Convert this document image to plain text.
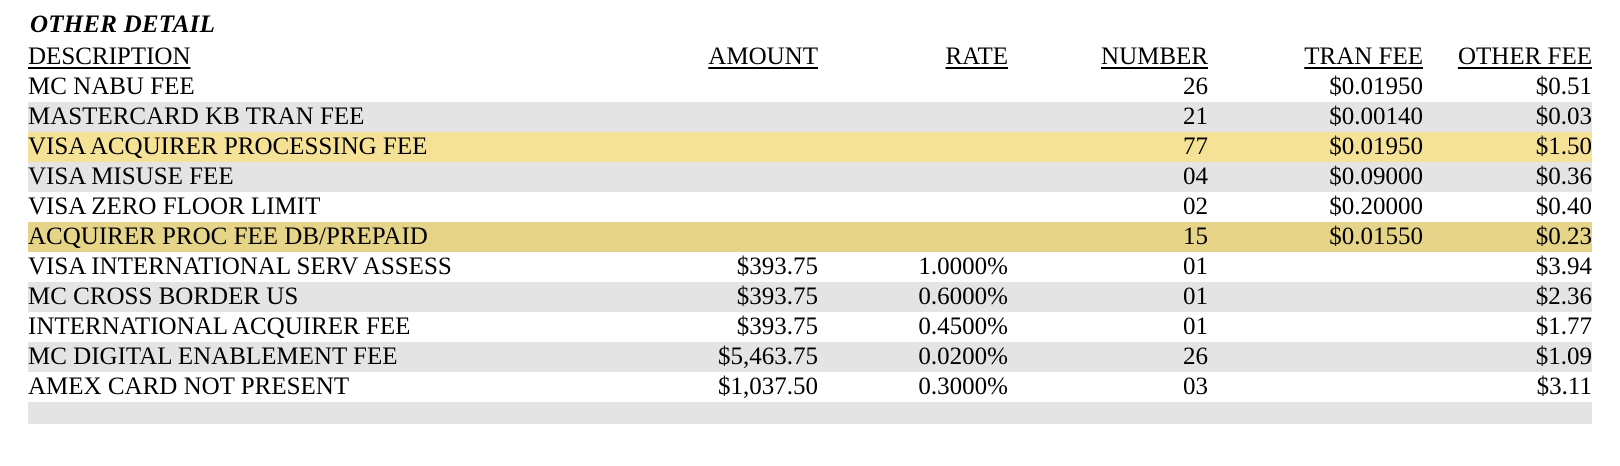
OTHER DETAIL
DESCRIPTION	AMOUNT	RATE	NUMBER	TRAN FEE	OTHER FEE
MC NABU FEE			26	$0.01950	$0.51
MASTERCARD KB TRAN FEE			21	$0.00140	$0.03
VISA ACQUIRER PROCESSING FEE			77	$0.01950	$1.50
VISA MISUSE FEE			04	$0.09000	$0.36
VISA ZERO FLOOR LIMIT			02	$0.20000	$0.40
ACQUIRER PROC FEE DB/PREPAID			15	$0.01550	$0.23
VISA INTERNATIONAL SERV ASSESS	$393.75	1.0000%	01		$3.94
MC CROSS BORDER US	$393.75	0.6000%	01		$2.36
INTERNATIONAL ACQUIRER FEE	$393.75	0.4500%	01		$1.77
MC DIGITAL ENABLEMENT FEE	$5,463.75	0.0200%	26		$1.09
AMEX CARD NOT PRESENT	$1,037.50	0.3000%	03		$3.11
